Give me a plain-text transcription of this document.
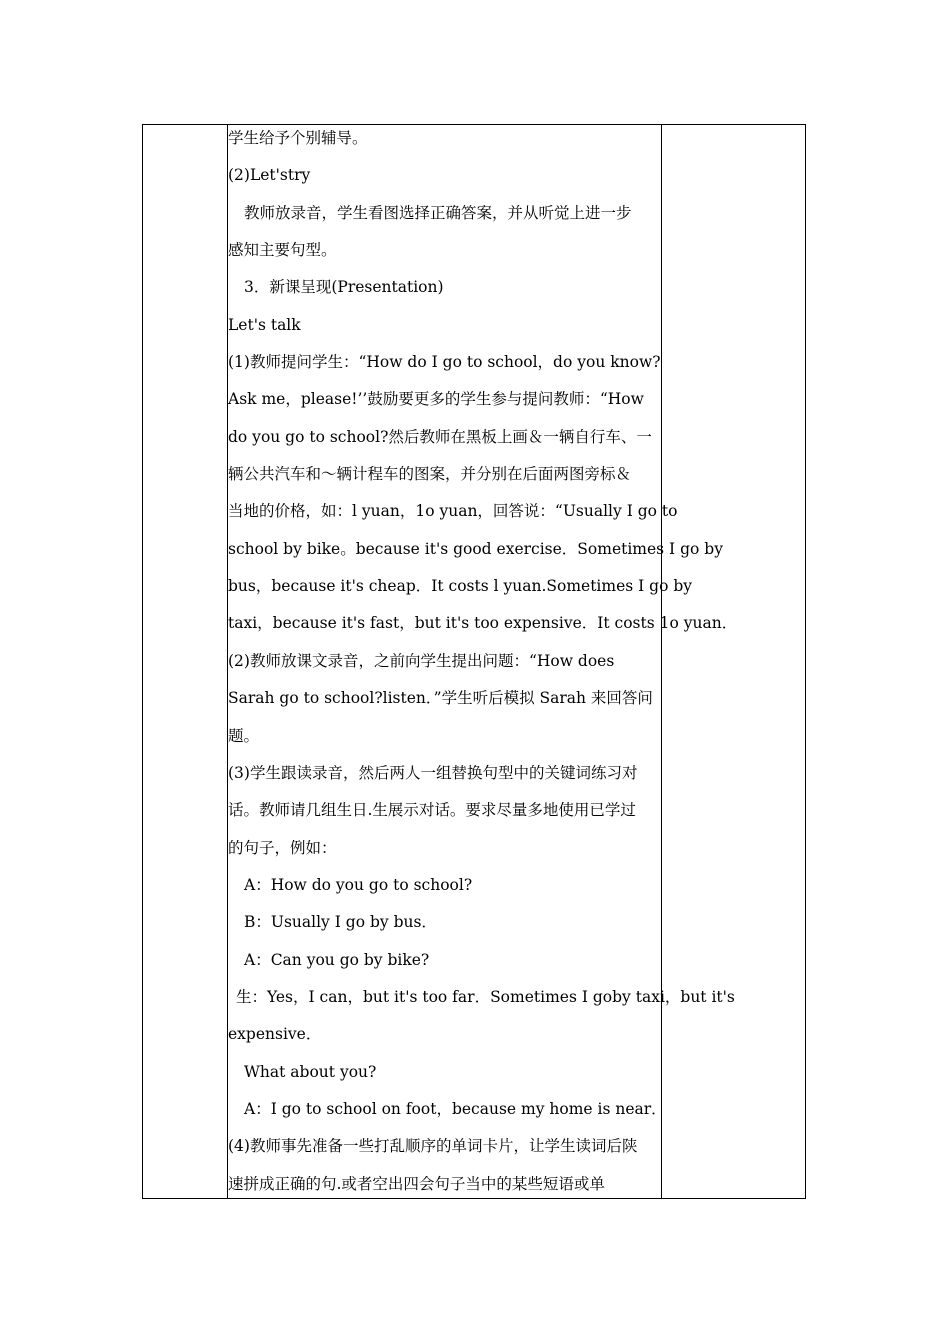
学生给予个别辅导。
(2)Let'stry
教师放录音，学生看图选择正确答案，并从听觉上进一步
感知主要句型。
3．新课呈现(Presentation)
Let's talk
(1)教师提问学生：“How do I go to school，do you know?
Ask me，please!’’鼓励要更多的学生参与提问教师：“How
do you go to school?然后教师在黑板上画＆一辆自行车、一
辆公共汽车和～辆计程车的图案，并分别在后面两图旁标＆
当地的价格，如：l yuan，1o yuan，回答说：“Usually I go to
school by bike。because it's good exercise．Sometimes I go by
bus，because it's cheap．It costs l yuan.Sometimes I go by
taxi，because it's fast，but it's too expensive．It costs 1o yuan．
(2)教师放课文录音，之前向学生提出问题：“How does
Sarah go to school?listen．”学生听后模拟 Sarah 来回答问
题。
(3)学生跟读录音，然后两人一组替换句型中的关键词练习对
话。教师请几组生日.生展示对话。要求尽量多地使用已学过
的句子，例如：
A：How do you go to school?
B：Usually I go by bus．
A：Can you go by bike?
生：Yes，I can，but it's too far．Sometimes I goby taxi，but it's
expensive．
What about you?
A：I go to school on foot，because my home is near．
(4)教师事先准备一些打乱顺序的单词卡片，让学生读词后陕
速拼成正确的句.或者空出四会句子当中的某些短语或单
